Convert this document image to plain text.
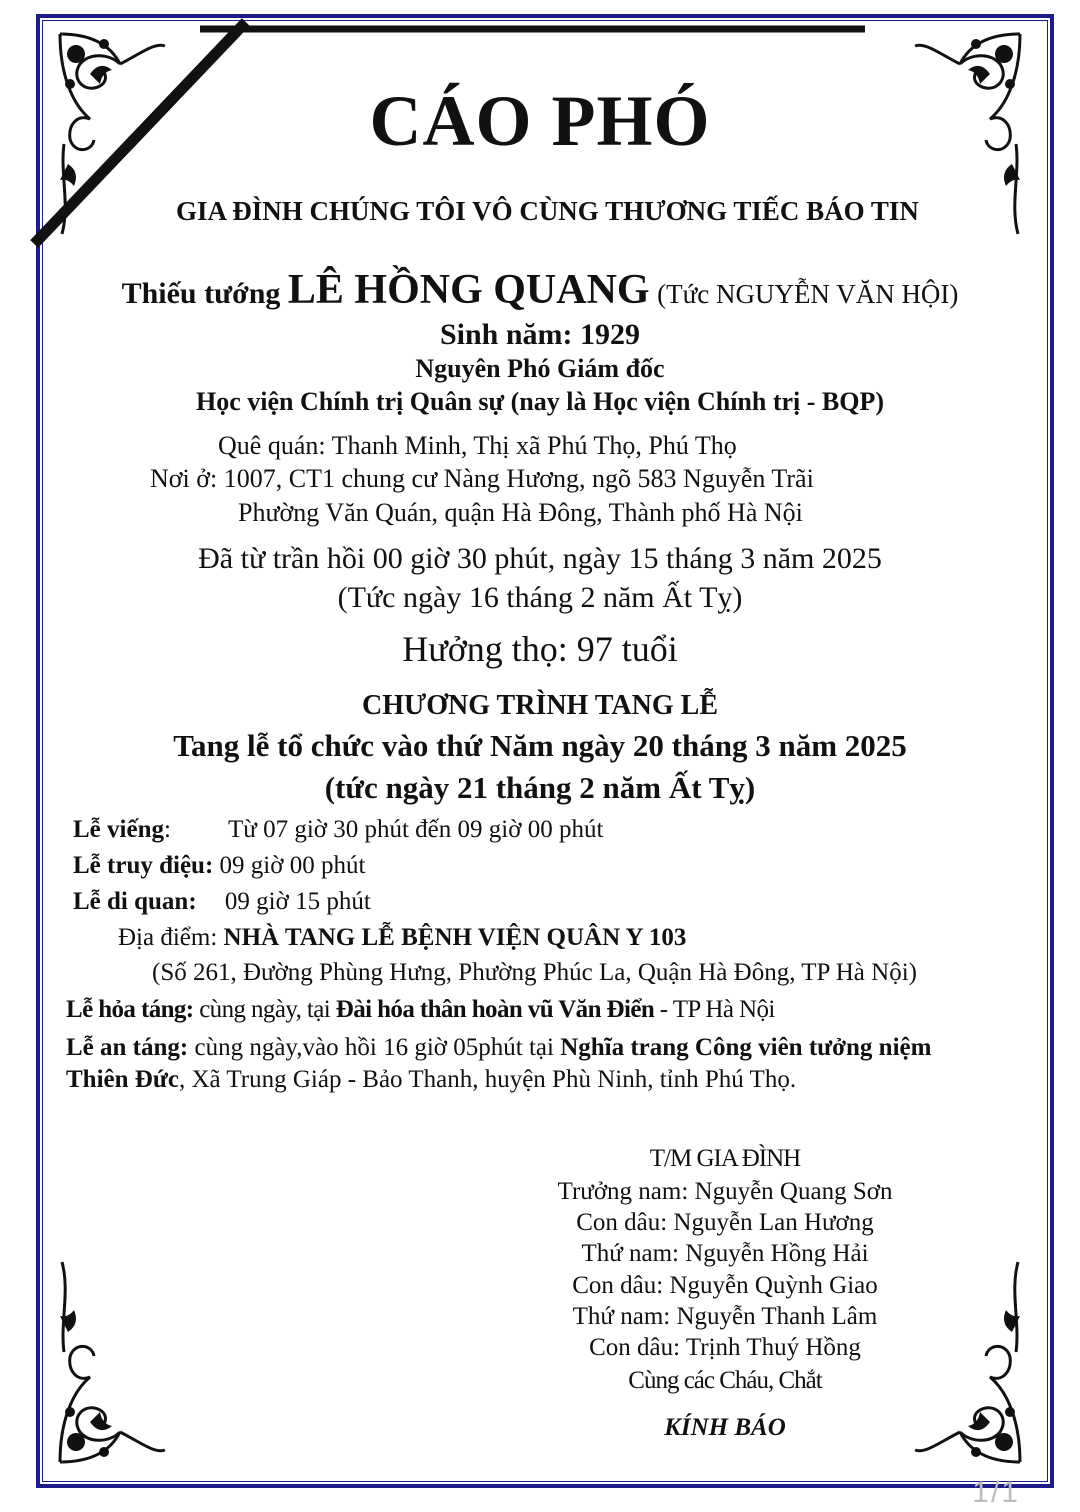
CÁO PHÓ
GIA ĐÌNH CHÚNG TÔI VÔ CÙNG THƯƠNG TIẾC BÁO TIN
Thiếu tướng LÊ HỒNG QUANG (Tức NGUYỄN VĂN HỘI)
Sinh năm: 1929
Nguyên Phó Giám đốc
Học viện Chính trị Quân sự (nay là Học viện Chính trị - BQP)
Quê quán: Thanh Minh, Thị xã Phú Thọ, Phú Thọ
Nơi ở: 1007, CT1 chung cư Nàng Hương, ngõ 583 Nguyễn Trãi
Phường Văn Quán, quận Hà Đông, Thành phố Hà Nội
Đã từ trần hồi 00 giờ 30 phút, ngày 15 tháng 3 năm 2025
(Tức ngày 16 tháng 2 năm Ất Tỵ)
Hưởng thọ: 97 tuổi
CHƯƠNG TRÌNH TANG LỄ
Tang lễ tổ chức vào thứ Năm ngày 20 tháng 3 năm 2025
(tức ngày 21 tháng 2 năm Ất Tỵ)
Lễ viếng: Từ 07 giờ 30 phút đến 09 giờ 00 phút
Lễ truy điệu: 09 giờ 00 phút
Lễ di quan: 09 giờ 15 phút
Địa điểm: NHÀ TANG LỄ BỆNH VIỆN QUÂN Y 103
(Số 261, Đường Phùng Hưng, Phường Phúc La, Quận Hà Đông, TP Hà Nội)
Lễ hỏa táng: cùng ngày, tại Đài hóa thân hoàn vũ Văn Điển - TP Hà Nội
Lễ an táng: cùng ngày,vào hồi 16 giờ 05phút tại Nghĩa trang Công viên tưởng niệm
Thiên Đức, Xã Trung Giáp - Bảo Thanh, huyện Phù Ninh, tỉnh Phú Thọ.
T/M GIA ĐÌNH
Trưởng nam: Nguyễn Quang Sơn
Con dâu: Nguyễn Lan Hương
Thứ nam: Nguyễn Hồng Hải
Con dâu: Nguyễn Quỳnh Giao
Thứ nam: Nguyễn Thanh Lâm
Con dâu: Trịnh Thuý Hồng
Cùng các Cháu, Chắt
KÍNH BÁO
1/1
